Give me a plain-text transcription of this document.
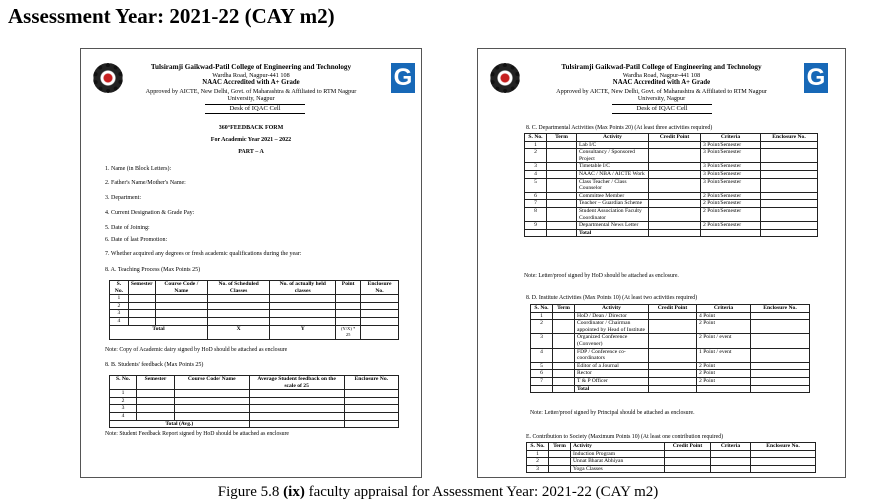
Assessment Year: 2021-22 (CAY m2)
G
Tulsiramji Gaikwad-Patil College of Engineering and Technology
Wardha Road, Nagpur-441 108
NAAC Accredited with A+ Grade
Approved by AICTE, New Delhi, Govt. of Maharashtra & Affiliated to RTM Nagpur
University, Nagpur
Desk of IQAC Cell
360°FEEDBACK FORM
For Academic Year 2021 – 2022
PART – A
1. Name (in Block Letters):
2. Father's Name/Mother's Name:
3. Department:
4. Current Designation & Grade Pay:
5. Date of Joining:
6. Date of last Promotion:
7. Whether acquired any degrees or fresh academic qualifications during the year:
8. A. Teaching Process (Max Points 25)
S. No.	Semester	Course Code / Name	No. of Scheduled Classes	No. of actually held classes	Point	Enclosure No.
1						
2						
3						
4						
Total			X	Y	(Y/X) * 25	
Note: Copy of Academic dairy signed by HoD should be attached as enclosure
8. B. Students' feedback (Max Points 25)
S. No.	Semester	Course Code/ Name	Average Student feedback on the scale of 25	Enclosure No.
1				
2				
3				
4				
Total (Avg.)				
Note: Student Feedback Report signed by HoD should be attached as enclosure
G
Tulsiramji Gaikwad-Patil College of Engineering and Technology
Wardha Road, Nagpur-441 108
NAAC Accredited with A+ Grade
Approved by AICTE, New Delhi, Govt. of Maharashtra & Affiliated to RTM Nagpur
University, Nagpur
Desk of IQAC Cell
8. C. Departmental Activities (Max Points 20) (At least three activities required)
S. No.	Term	Activity	Credit Point	Criteria	Enclosure No.
1		Lab I/C		3 Point/Semester	
2		Consultancy / Sponsored Project		3 Point/Semester	
3		Timetable I/C		3 Point/Semester	
4		NAAC / NBA / AICTE Work		3 Point/Semester	
5		Class Teacher / Class Counselor		3 Point/Semester	
6		Committee Member		2 Point/Semester	
7		Teacher – Guardian Scheme		2 Point/Semester	
8		Student Association Faculty Coordinator		2 Point/Semester	
9		Departmental News Letter		2 Point/Semester	
		Total			
Note: Letter/proof signed by HoD should be attached as enclosure.
8. D. Institute Activities (Max Points 10) (At least two activities required)
S. No.	Term	Activity	Credit Point	Criteria	Enclosure No.
1		HoD / Dean / Director		4 Point	
2		Coordinator / Chairman appointed by Head of Institute		2 Point	
3		Organized Conference (Convener)		2 Point / event	
4		FDP / Conference co-coordinators		1 Point / event	
5		Editor of a Journal		2 Point	
6		Rector		2 Point	
7		T & P Officer		2 Point	
		Total			
Note: Letter/proof signed by Principal should be attached as enclosure.
E. Contribution to Society (Maximum Points 10) (At least one contribution required)
S. No.	Term	Activity	Credit Point	Criteria	Enclosure No.
1		Induction Program			
2		Unnat Bharat Abhiyan			
3		Yoga Classes			
Figure 5.8 (ix) faculty appraisal for Assessment Year: 2021-22 (CAY m2)
